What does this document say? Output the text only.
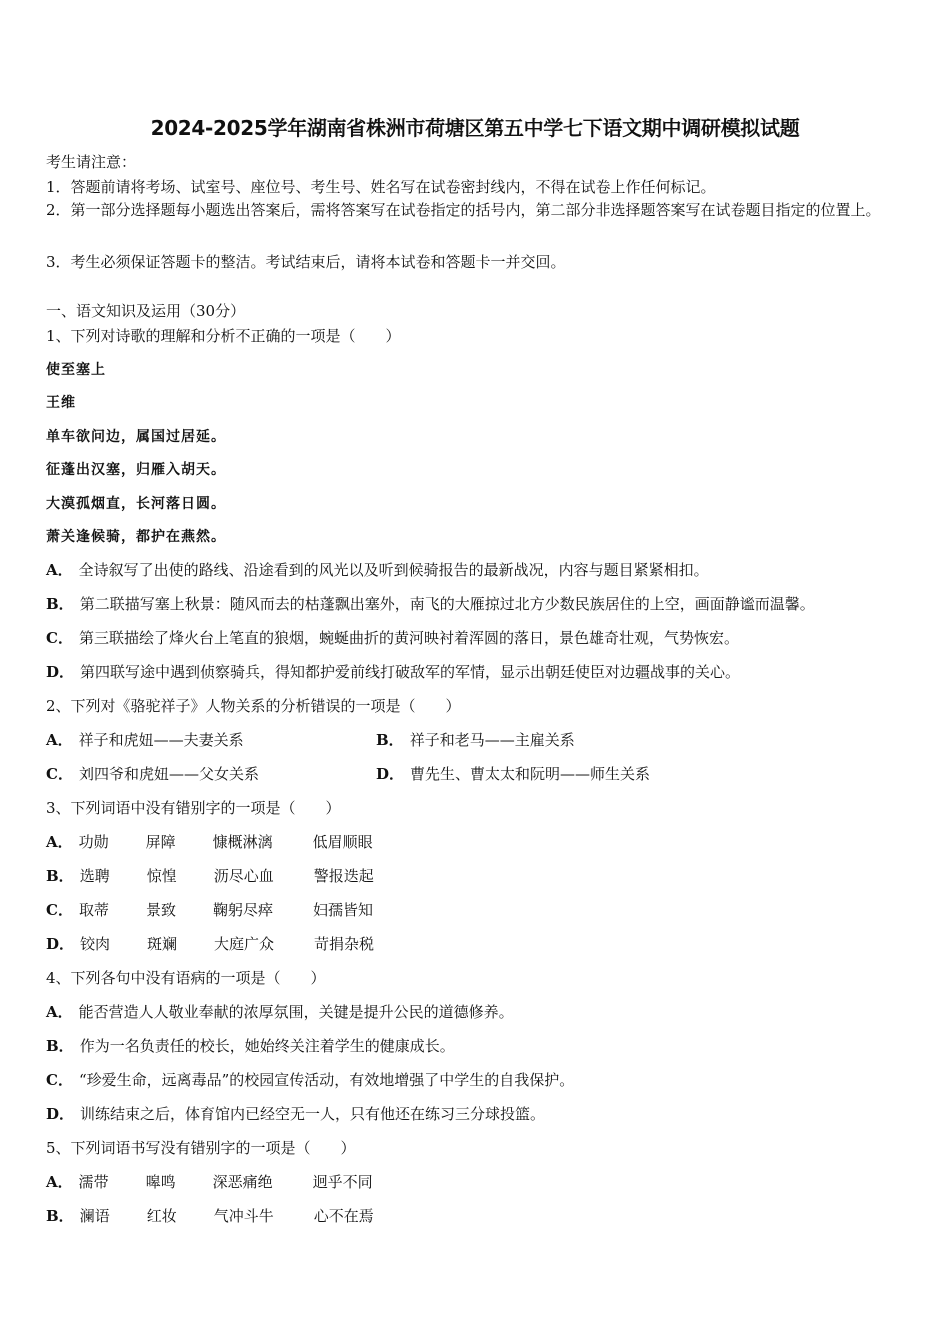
2024-2025学年湖南省株洲市荷塘区第五中学七下语文期中调研模拟试题
考生请注意：
1．答题前请将考场、试室号、座位号、考生号、姓名写在试卷密封线内，不得在试卷上作任何标记。
2．第一部分选择题每小题选出答案后，需将答案写在试卷指定的括号内，第二部分非选择题答案写在试卷题目指定的位置上。
3．考生必须保证答题卡的整洁。考试结束后，请将本试卷和答题卡一并交回。
一、语文知识及运用（30分）
1、下列对诗歌的理解和分析不正确的一项是（　　）
使至塞上
王维
单车欲问边，属国过居延。
征蓬出汉塞，归雁入胡天。
大漠孤烟直，长河落日圆。
萧关逢候骑，都护在燕然。
A． 全诗叙写了出使的路线、沿途看到的风光以及听到候骑报告的最新战况，内容与题目紧紧相扣。
B． 第二联描写塞上秋景：随风而去的枯蓬飘出塞外，南飞的大雁掠过北方少数民族居住的上空，画面静谧而温馨。
C． 第三联描绘了烽火台上笔直的狼烟，蜿蜒曲折的黄河映衬着浑圆的落日，景色雄奇壮观，气势恢宏。
D． 第四联写途中遇到侦察骑兵，得知都护爱前线打破敌军的军情，显示出朝廷使臣对边疆战事的关心。
2、下列对《骆驼祥子》人物关系的分析错误的一项是（　　）
A． 祥子和虎妞——夫妻关系	B． 祥子和老马——主雇关系
C． 刘四爷和虎妞——父女关系	D． 曹先生、曹太太和阮明——师生关系
3、下列词语中没有错别字的一项是（　　）
A． 功勋 屏障 慷概淋漓	低眉顺眼
B． 选聘 惊惶 沥尽心血	警报迭起
C． 取蒂 景致 鞠躬尽瘁	妇孺皆知
D． 铰肉 斑斓 大庭广众	苛捐杂税
4、下列各句中没有语病的一项是（　　）
A． 能否营造人人敬业奉献的浓厚氛围，关键是提升公民的道德修养。
B． 作为一名负责任的校长，她始终关注着学生的健康成长。
C． “珍爱生命，远离毒品”的校园宣传活动，有效地增强了中学生的自我保护。
D． 训练结束之后，体育馆内已经空无一人，只有他还在练习三分球投篮。
5、下列词语书写没有错别字的一项是（　　）
A． 濡带 嗥鸣 深恶痛绝	迥乎不同
B． 澜语 红妆 气冲斗牛	心不在焉
